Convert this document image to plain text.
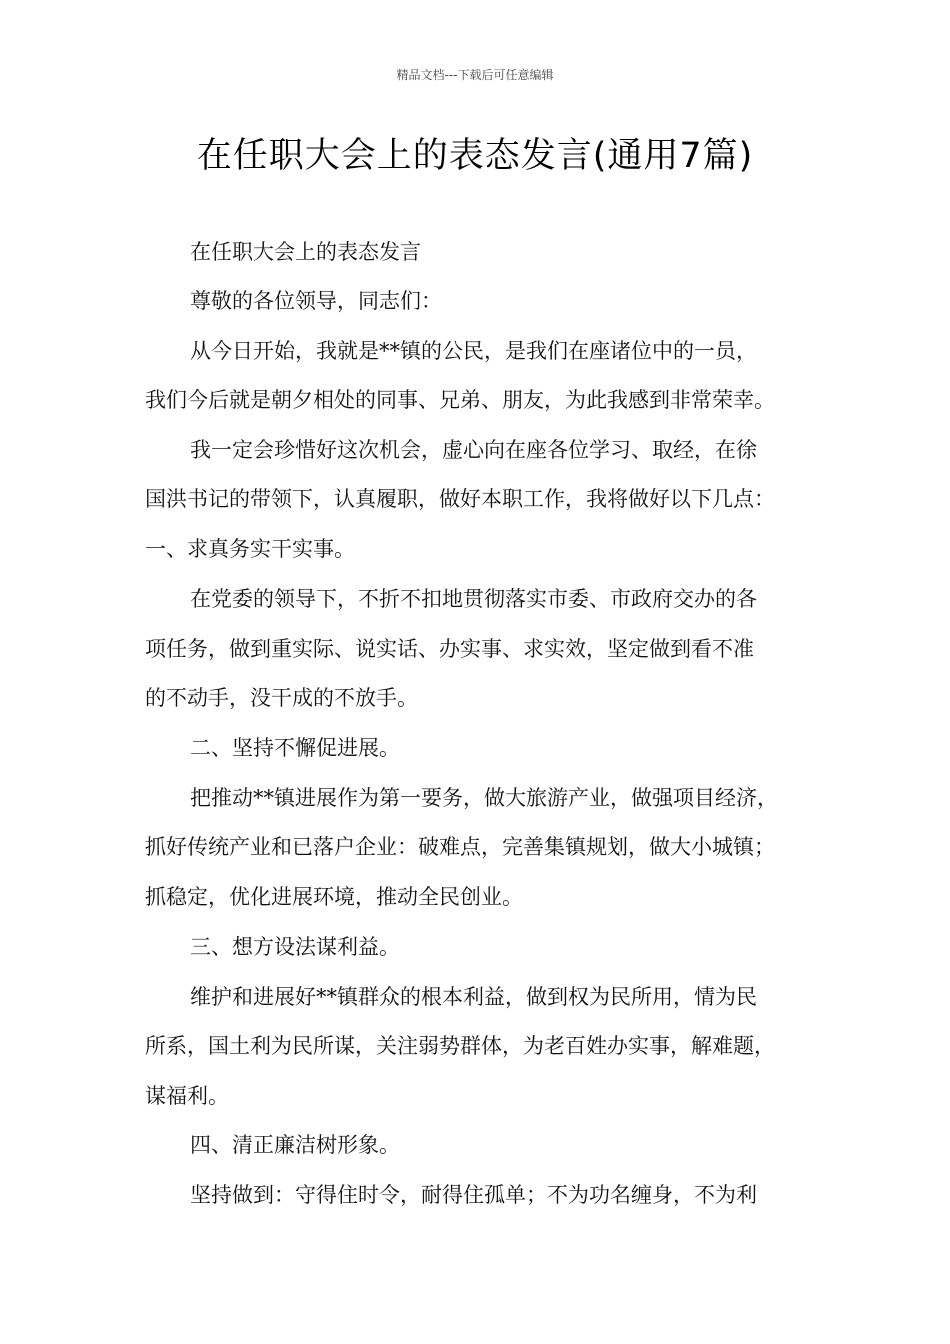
精品文档---下载后可任意编辑
在任职大会上的表态发言(通用7篇)
在任职大会上的表态发言
尊敬的各位领导，同志们：
从今日开始，我就是**镇的公民，是我们在座诸位中的一员，
我们今后就是朝夕相处的同事、兄弟、朋友，为此我感到非常荣幸。
我一定会珍惜好这次机会，虚心向在座各位学习、取经，在徐
国洪书记的带领下，认真履职，做好本职工作，我将做好以下几点：
一、求真务实干实事。
在党委的领导下，不折不扣地贯彻落实市委、市政府交办的各
项任务，做到重实际、说实话、办实事、求实效，坚定做到看不准
的不动手，没干成的不放手。
二、坚持不懈促进展。
把推动**镇进展作为第一要务，做大旅游产业，做强项目经济，
抓好传统产业和已落户企业：破难点，完善集镇规划，做大小城镇；
抓稳定，优化进展环境，推动全民创业。
三、想方设法谋利益。
维护和进展好**镇群众的根本利益，做到权为民所用，情为民
所系，国土利为民所谋，关注弱势群体，为老百姓办实事，解难题，
谋福利。
四、清正廉洁树形象。
坚持做到：守得住时令，耐得住孤单；不为功名缠身，不为利
